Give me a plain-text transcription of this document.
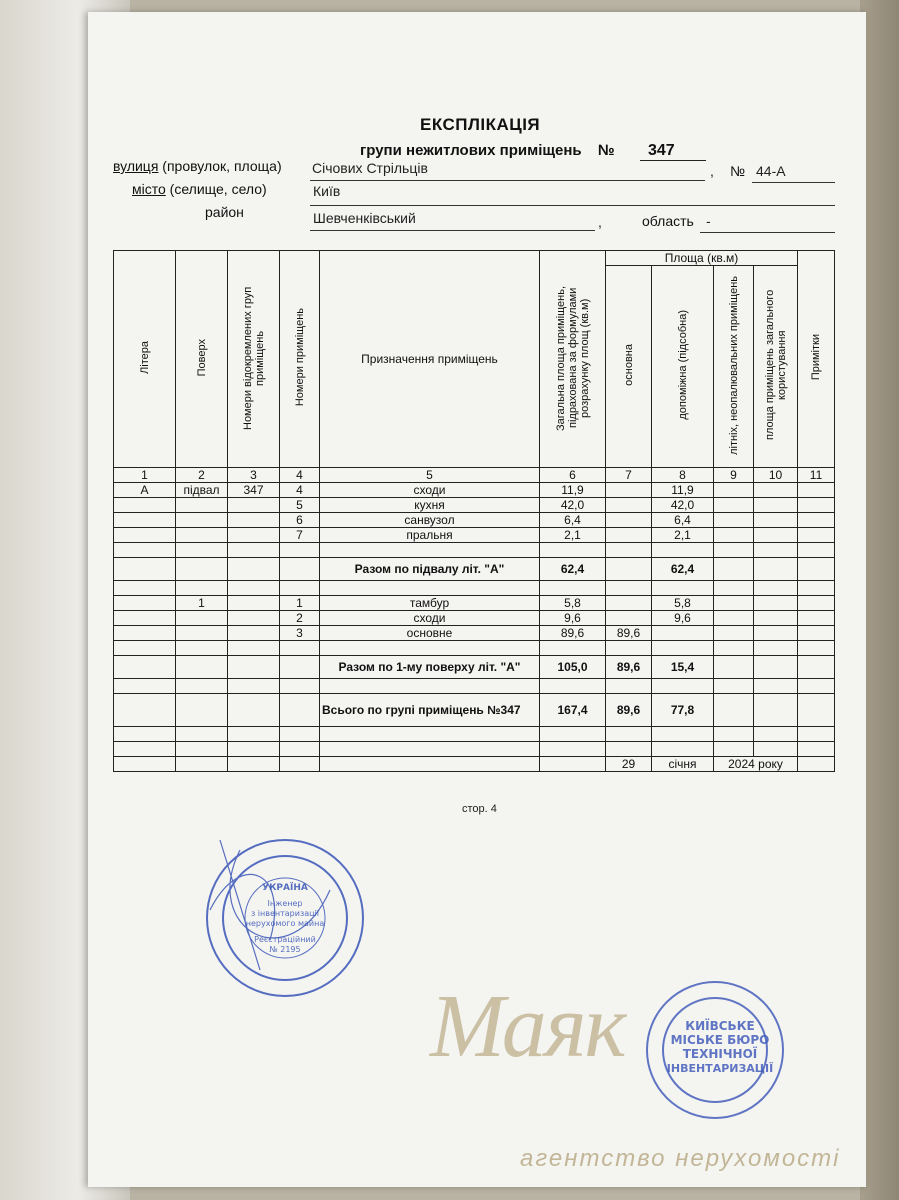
ЕКСПЛІКАЦІЯ
групи нежитлових приміщень № 347
вулиця (провулок, площа) Січових Стрільців	, № 44-А
місто (селище, село)	Київ
район	Шевченківський	,	область -
Літера	Поверх	Номери відокремлених груп приміщень	Номери приміщень	Призначення приміщень	Загальна площа приміщень, підрахована за формулами розрахунку площ (кв.м)	Площа (кв.м)				Примітки
						основна	допоміжна (підсобна)	літніх, неопалювальних приміщень	площа приміщень загального користування	
1	2	3	4	5	6	7	8	9	10	11
А	підвал	347	4	сходи	11,9		11,9			
			5	кухня	42,0		42,0			
			6	санвузол	6,4		6,4			
			7	пральня	2,1		2,1			

				Разом по підвалу літ. "А"	62,4		62,4			

	1		1	тамбур	5,8		5,8			
			2	сходи	9,6		9,6			
			3	основне	89,6	89,6				

				Разом по 1-му поверху літ. "А"	105,0	89,6	15,4			

				Всього по групі приміщень №347	167,4	89,6	77,8			

						29	січня	2024 року		
стор. 4
УКРАЇНА
Інженер
з інвентаризації
нерухомого майна
Реєстраційний
№ 2195
КИЇВСЬКЕ
МІСЬКЕ БЮРО
ТЕХНІЧНОЇ
ІНВЕНТАРИЗАЦІЇ
Маяк
агентство нерухомості
